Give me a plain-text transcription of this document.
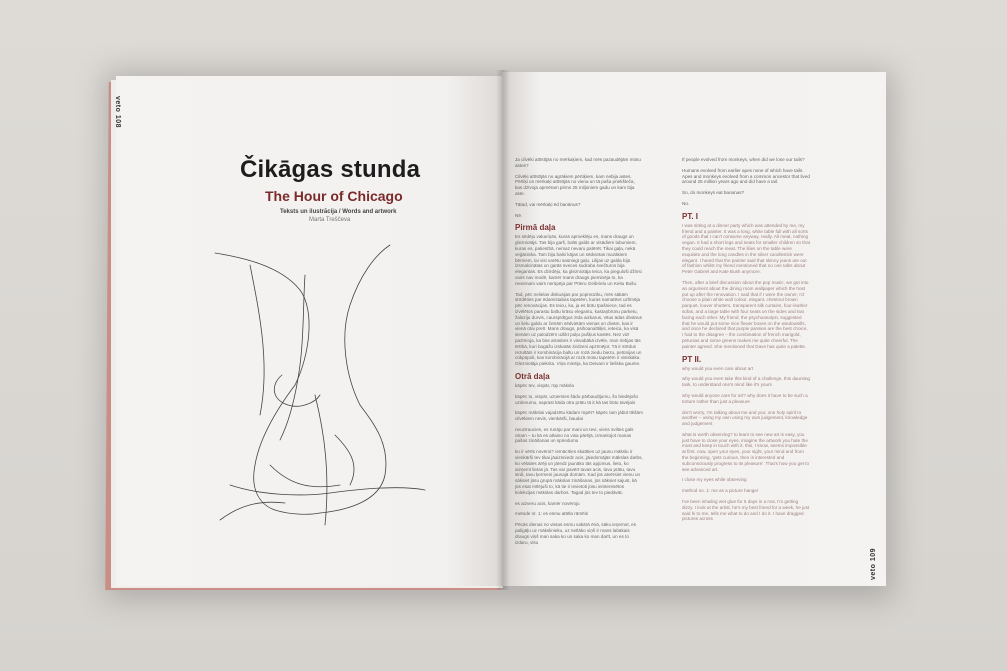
veto 108
veto 109
Čikāgas stunda
The Hour of Chicago
Teksts un ilustrācija / Words and artwork
Marta Treščeva

Ja cilvēki attīstījās no mērkaķiem, kad mēs pazaudējām mūsu astes?

Cilvēki attīstījās no agrākiem pērtiķiem, kam nebija astes. Pērtiķi un mērkaķi attīstījās no viena un tā paša priekšteča, kas dzīvoja apmēram pirms 25 miljoniem gadu un kam bija aste.

Tātad, vai mērkaķi ēd banānus?

Nē.

Pirmā daļa

Es sēdēju vakariņās, kuras apmeklēju es, mans draugs un glezniotājs. Tas bija garš, balts galds ar visādiem labumiem, kuras es, patiesībā, nemaz nevaru patērēt. Tikai gaļa, nekā veģāniska. Tam bija balsi kājas un sēdvietas mazākiem bērniem, lai visi varētu sasniegt gaļu. Lilijas uz galda bija izsmalcinātas un garās sveces sudraba svečturos bija elegantas. Es dzirdēju, ka glezniotāja teica, ka pieguloši džinsi vairs nav modē, kamēr mans draugs pieminēja to, ka nevienam vairs nerūpēja par Pīteru Geibrielu un Keitu Bušu.

Tad, pēc nelielas diskusijas par popmūziku, mēs sākām strīdēties par ēdamistabas tapetēm, kuras namatēvs uzlīmēja pēc renovācijas. Es teicu, ka, ja es būtu īpašniece, tad es izvēlētos parastu baltu krāsu elegantu, kastaņbrūnu parketu, žalūziju durvis, caurspīdīgus zīda aizkarus, vītus ādas dīvānus un lielu galdu ar četrām sēdvietām vienas un divām, kas ir vienā otai pretī. Mans draugs, psihoanalītiķis, ieteica, ka visā sienām uz palodzēm uzlikt puķu pušķus kastēs. Nez vizī pazīmoja, ka būs atrasties ir visvabākā izvēle, man riebjas tās ērtībā, kuri bagāžu izskatās zirdzeni apzīmējot. Tā ir strīdus rezultāts ir kombinācija baltu un rozā ziedu biezu, petūnijas un cūkpūpoli, kas kombinācijā ar rozā mūsu tapetēm ir visiskāka. Glezniotāja piekrita. Viņa minēja, ka Deivam ir lieliska gaume.

Otrā daļa

kāpēc tev, vispār, rūp māksla

kāpēc tu, vispār, uzņemies šādu pārbaudījumu, šo biedējošo uzdevumu, saprast kāda otra prātu tā it kā tas būtu tavējais

kāpēc mākslai vajadzētu kādam rūpēt? kāpēc tam jābūt tīkšām cilvēkiem nevis, vienkārši, baudai

neuztraucies, es runāju par mani un tevi, viens sviltes gals otram – tu kā es atlaino no visa pārējā, izmantojot manas pašas zināšanas un spriedumu

ko ir vērts novērot? iemācīties skatīties uz jaunu mākslu ir vienkārši tev tikai jāaizsniedz acis, jāiedomājās mākslas darbs, ko vēlaties ārēji un jāredz jaunāko tās apjomus, lieto, ko aizņemt lietas jā. Tas var pavērt tavas acis, tavu prātu, tavu sirdi, tavu ķermeni jaunajā domām. Kad jūs atvērsiet vienu un sāksiet jūsu grupā mākslas zināšanas, jūs sāksiet sajust, kā jūs esat mīlējuši to, kā tie ir ievietoti jūsu ieinteresētos kolekcijas mākslas darbos. Tagad jūs tev to piedāvāt.

es aizveru acis, kamēr novēroju

metode nr. 1: es esmu attēla rāmītis

Pēcās dienas no vietas esmu vakārā ēnā, sāku ieņemot, es paligāļu uz mākslinieku, uz neīlāko viņš ir mans labākais draugs viņš man saka ko un saka ko man darīt, un es to izdaru, visu

If people evolved from monkeys, when did we lose our tails?

Humans evolved from earlier apes none of which have tails. Apes and monkeys evolved from a common ancestor that lived around 25 million years ago and did have a tail.

So, do monkeys eat bananas?

No.

PT. I

I was sitting at a dinner party which was attended by me, my friend and a painter. It was a long, white table full with all sorts of goods that I can't consume anyway, really. All meat, nothing vegan. It had a short legs and seats for smaller children so that they could reach the meat. The lilies on the table were exquisite and the long candles in the silver candlestick were elegant. I heard that the painter said that skinny jeans are out of fashion whilst my friend mentioned that no one talks about Peter Gabriel and Kate Bush anymore.

Then, after a brief discussion about the pop music, we got into an argument about the dining room wallpaper which the host put up after the renovation. I said that if I were the owner, I'd choose a plain white wall colour, elegant, chestnut brown parquet, louver shutters, transparent silk curtains, four-leather sofas, and a large table with four seats on the sides and two facing each other. My friend, the psychoanalyst, suggested that he would put some nice flower boxes on the windowsills, and once he declared that purple pansies are the best choice, I had to the disagree – the combination of french marigold, petunias and some greens makes me quite cheerful. The painter agreed. She mentioned that Dave has quite a palette.

PT II.

why would you even care about art

why would you even take this kind of a challenge, this daunting task, to understand one's mind like it's yours

why would anyone care for art? why does it have to be such a torture rather than just a pleasure

don't worry, I'm talking about me and you; one holy spirit to another – using my own using my own judgement, knowledge and judgement

what is worth observing? to learn to see new art is easy, you just have to close your eyes, imagine the artwork you hate the most and keep in touch with it. this, I know, seems impossible at first. now, open your eyes, your sight, your mind and from the beginning, 'gets curious, then is interested and subconsciously progress to its pleasure'. That's how you get to see advanced art.

I close my eyes while observing

method no. 1: me as a picture hanger

I've been inhaling wet glue for 5 days in a row, I'm getting dizzy. I look at the artist, he's my best friend for a week, he just said hi to me, tells me what to do and I do it. I have dragged pictures across
